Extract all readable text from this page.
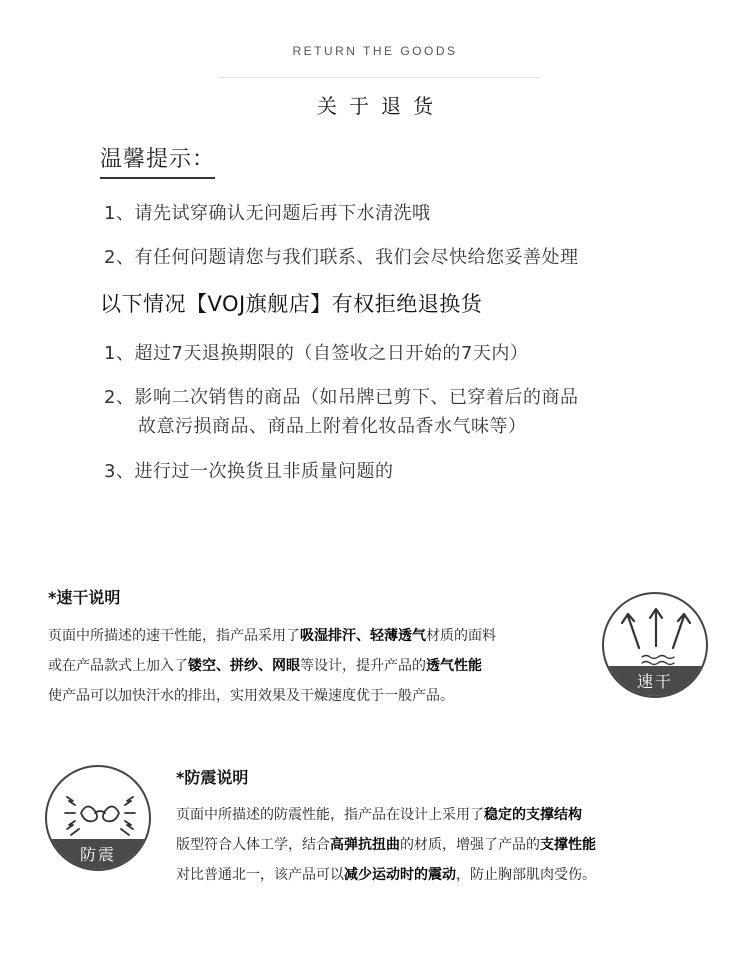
RETURN THE GOODS
关于退货
温馨提示：
1、请先试穿确认无问题后再下水清洗哦
2、有任何问题请您与我们联系、我们会尽快给您妥善处理
以下情况【VOJ旗舰店】有权拒绝退换货
1、超过7天退换期限的（自签收之日开始的7天内）
2、影响二次销售的商品（如吊牌已剪下、已穿着后的商品
故意污损商品、商品上附着化妆品香水气味等）
3、进行过一次换货且非质量问题的
*速干说明
页面中所描述的速干性能，指产品采用了吸湿排汗、轻薄透气材质的面料
或在产品款式上加入了镂空、拼纱、网眼等设计，提升产品的透气性能
使产品可以加快汗水的排出，实用效果及干燥速度优于一般产品。
速干
防震
*防震说明
页面中所描述的防震性能，指产品在设计上采用了稳定的支撑结构
版型符合人体工学，结合高弹抗扭曲的材质，增强了产品的支撑性能
对比普通北一，该产品可以减少运动时的震动，防止胸部肌肉受伤。
